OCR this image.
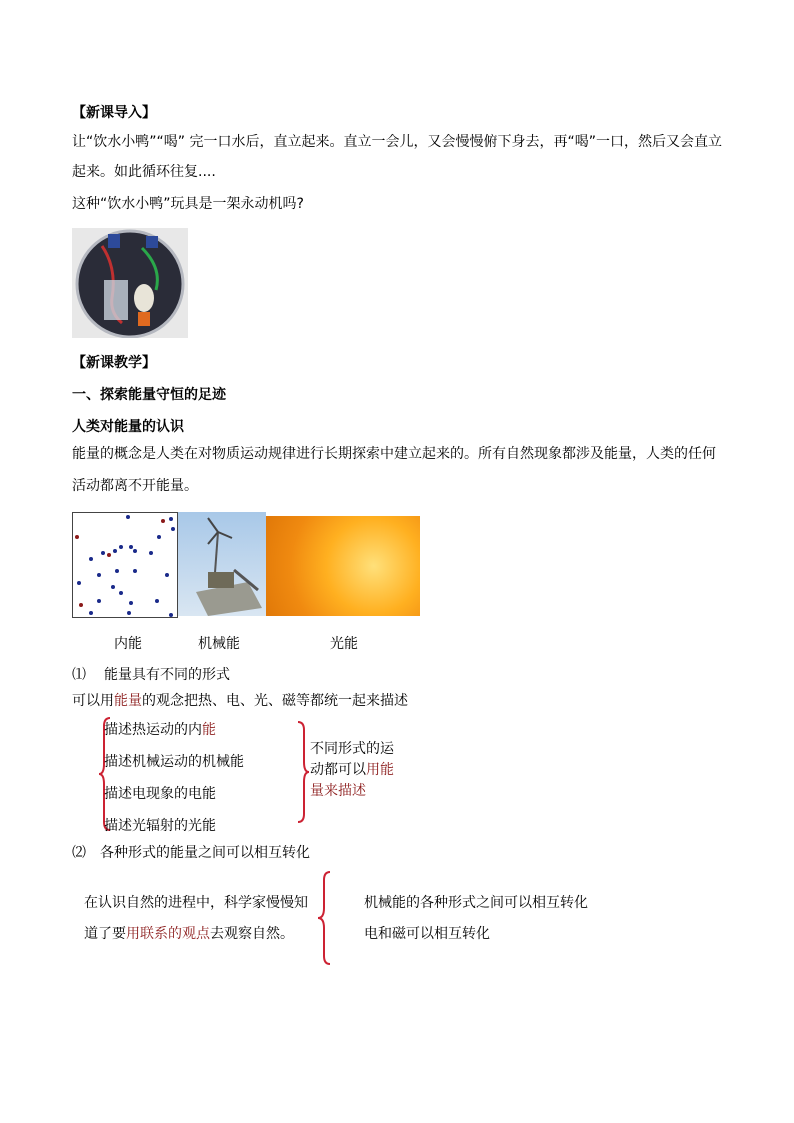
【新课导入】
让“饮水小鸭”“喝” 完一口水后，直立起来。直立一会儿，又会慢慢俯下身去，再“喝”一口，然后又会直立
起来。如此循环往复....
这种“饮水小鸭”玩具是一架永动机吗?
【新课教学】
一、探索能量守恒的足迹
人类对能量的认识
能量的概念是人类在对物质运动规律进行长期探索中建立起来的。所有自然现象都涉及能量，人类的任何
活动都离不开能量。
内能	机械能	光能
⑴ 能量具有不同的形式
可以用能量的观念把热、电、光、磁等都统一起来描述
描述热运动的内能
描述机械运动的机械能
描述电现象的电能
描述光辐射的光能
不同形式的运
动都可以用能
量来描述
⑵ 各种形式的能量之间可以相互转化
在认识自然的进程中，科学家慢慢知
道了要用联系的观点去观察自然。
机械能的各种形式之间可以相互转化
电和磁可以相互转化
